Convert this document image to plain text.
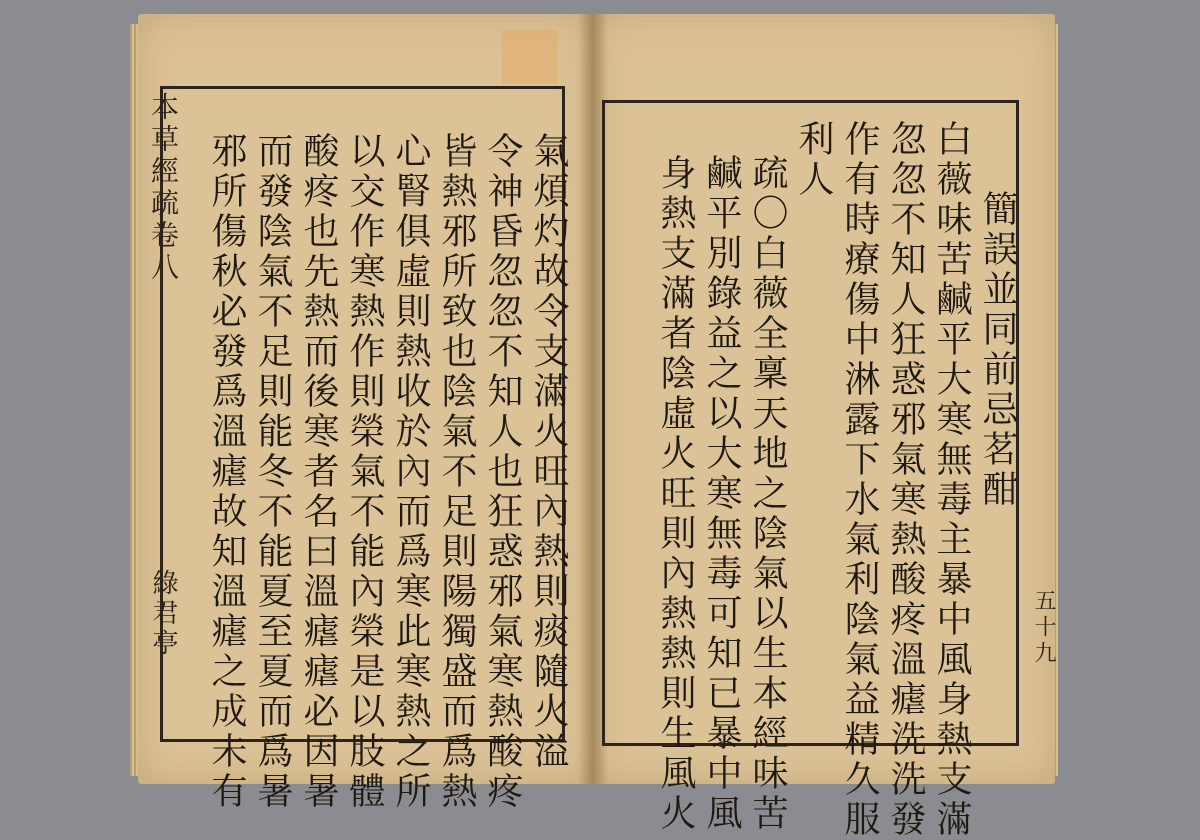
本草經疏卷八
綠君亭	氣煩灼故令支滿火旺內熱則痰隨火溢
令神昏忽忽不知人也狂惑邪氣寒熱酸疼
皆熱邪所致也陰氣不足則陽獨盛而爲熱
心腎俱虛則熱收於內而爲寒此寒熱之所
以交作寒熱作則榮氣不能內榮是以肢體
酸疼也先熱而後寒者名曰溫瘧瘧必因暑
而發陰氣不足則能冬不能夏至夏而爲暑
邪所傷秋必發爲溫瘧故知溫瘧之成未有	簡誤並同前忌茗酣
白薇味苦鹹平大寒無毒主暴中風身熱支滿
忽忽不知人狂惑邪氣寒熱酸疼溫瘧洗洗發
作有時療傷中淋露下水氣利陰氣益精久服
利人
疏〇白薇全稟天地之陰氣以生本經味苦
鹹平別錄益之以大寒無毒可知已暴中風
身熱支滿者陰虛火旺則內熱熱則生風火	五十九
